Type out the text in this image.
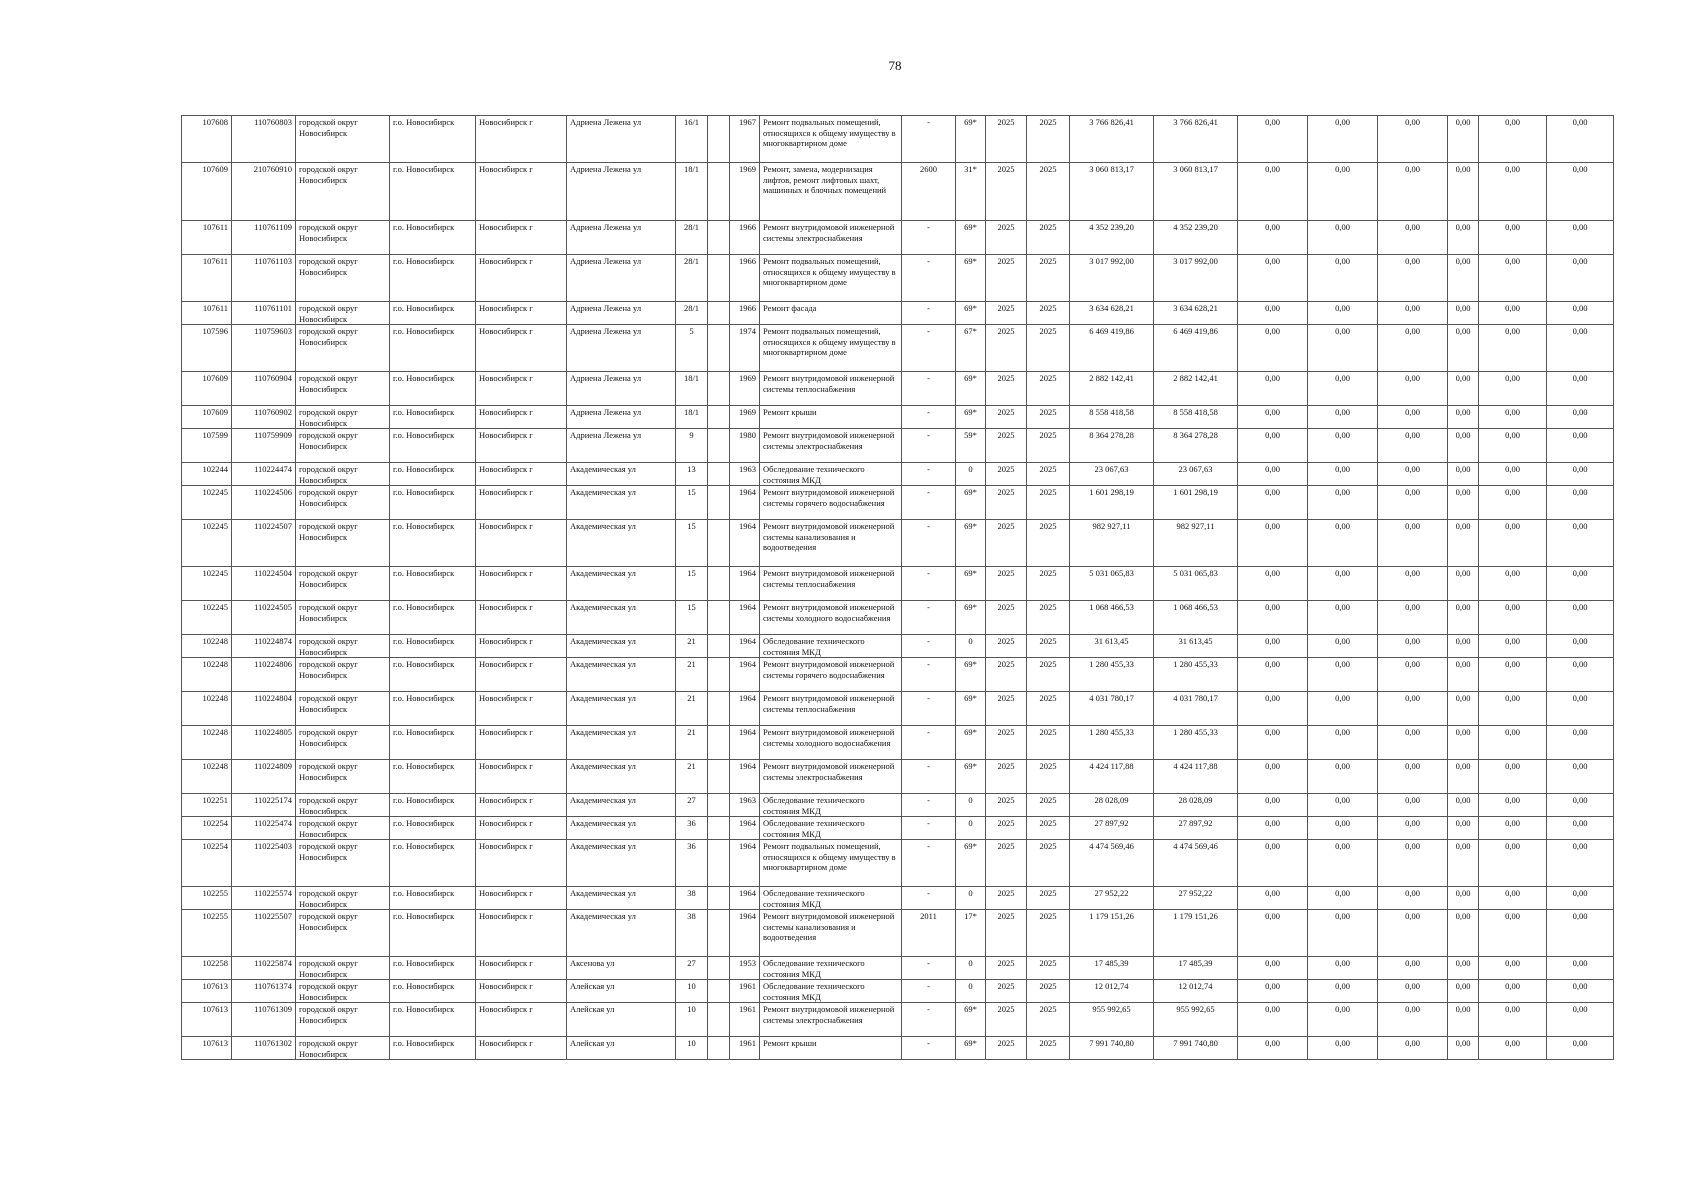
78
107608	110760803	городской округ Новосибирск	г.о. Новосибирск	Новосибирск г	Адриена Лежена ул	16/1		1967	Ремонт подвальных помещений, относящихся к общему имуществу в многоквартирном доме	-	69*	2025	2025	3 766 826,41	3 766 826,41	0,00	0,00	0,00	0,00	0,00	0,00
107609	210760910	городской округ Новосибирск	г.о. Новосибирск	Новосибирск г	Адриена Лежена ул	18/1		1969	Ремонт, замена, модернизация лифтов, ремонт лифтовых шахт, машинных и блочных помещений	2600	31*	2025	2025	3 060 813,17	3 060 813,17	0,00	0,00	0,00	0,00	0,00	0,00
107611	110761109	городской округ Новосибирск	г.о. Новосибирск	Новосибирск г	Адриена Лежена ул	28/1		1966	Ремонт внутридомовой инженерной системы электроснабжения	-	69*	2025	2025	4 352 239,20	4 352 239,20	0,00	0,00	0,00	0,00	0,00	0,00
107611	110761103	городской округ Новосибирск	г.о. Новосибирск	Новосибирск г	Адриена Лежена ул	28/1		1966	Ремонт подвальных помещений, относящихся к общему имуществу в многоквартирном доме	-	69*	2025	2025	3 017 992,00	3 017 992,00	0,00	0,00	0,00	0,00	0,00	0,00
107611	110761101	городской округ Новосибирск	г.о. Новосибирск	Новосибирск г	Адриена Лежена ул	28/1		1966	Ремонт фасада	-	69*	2025	2025	3 634 628,21	3 634 628,21	0,00	0,00	0,00	0,00	0,00	0,00
107596	110759603	городской округ Новосибирск	г.о. Новосибирск	Новосибирск г	Адриена Лежена ул	5		1974	Ремонт подвальных помещений, относящихся к общему имуществу в многоквартирном доме	-	67*	2025	2025	6 469 419,86	6 469 419,86	0,00	0,00	0,00	0,00	0,00	0,00
107609	110760904	городской округ Новосибирск	г.о. Новосибирск	Новосибирск г	Адриена Лежена ул	18/1		1969	Ремонт внутридомовой инженерной системы теплоснабжения	-	69*	2025	2025	2 882 142,41	2 882 142,41	0,00	0,00	0,00	0,00	0,00	0,00
107609	110760902	городской округ Новосибирск	г.о. Новосибирск	Новосибирск г	Адриена Лежена ул	18/1		1969	Ремонт крыши	-	69*	2025	2025	8 558 418,58	8 558 418,58	0,00	0,00	0,00	0,00	0,00	0,00
107599	110759909	городской округ Новосибирск	г.о. Новосибирск	Новосибирск г	Адриена Лежена ул	9		1980	Ремонт внутридомовой инженерной системы электроснабжения	-	59*	2025	2025	8 364 278,28	8 364 278,28	0,00	0,00	0,00	0,00	0,00	0,00
102244	110224474	городской округ Новосибирск	г.о. Новосибирск	Новосибирск г	Академическая ул	13		1963	Обследование технического состояния МКД	-	0	2025	2025	23 067,63	23 067,63	0,00	0,00	0,00	0,00	0,00	0,00
102245	110224506	городской округ Новосибирск	г.о. Новосибирск	Новосибирск г	Академическая ул	15		1964	Ремонт внутридомовой инженерной системы горячего водоснабжения	-	69*	2025	2025	1 601 298,19	1 601 298,19	0,00	0,00	0,00	0,00	0,00	0,00
102245	110224507	городской округ Новосибирск	г.о. Новосибирск	Новосибирск г	Академическая ул	15		1964	Ремонт внутридомовой инженерной системы канализования и водоотведения	-	69*	2025	2025	982 927,11	982 927,11	0,00	0,00	0,00	0,00	0,00	0,00
102245	110224504	городской округ Новосибирск	г.о. Новосибирск	Новосибирск г	Академическая ул	15		1964	Ремонт внутридомовой инженерной системы теплоснабжения	-	69*	2025	2025	5 031 065,83	5 031 065,83	0,00	0,00	0,00	0,00	0,00	0,00
102245	110224505	городской округ Новосибирск	г.о. Новосибирск	Новосибирск г	Академическая ул	15		1964	Ремонт внутридомовой инженерной системы холодного водоснабжения	-	69*	2025	2025	1 068 466,53	1 068 466,53	0,00	0,00	0,00	0,00	0,00	0,00
102248	110224874	городской округ Новосибирск	г.о. Новосибирск	Новосибирск г	Академическая ул	21		1964	Обследование технического состояния МКД	-	0	2025	2025	31 613,45	31 613,45	0,00	0,00	0,00	0,00	0,00	0,00
102248	110224806	городской округ Новосибирск	г.о. Новосибирск	Новосибирск г	Академическая ул	21		1964	Ремонт внутридомовой инженерной системы горячего водоснабжения	-	69*	2025	2025	1 280 455,33	1 280 455,33	0,00	0,00	0,00	0,00	0,00	0,00
102248	110224804	городской округ Новосибирск	г.о. Новосибирск	Новосибирск г	Академическая ул	21		1964	Ремонт внутридомовой инженерной системы теплоснабжения	-	69*	2025	2025	4 031 780,17	4 031 780,17	0,00	0,00	0,00	0,00	0,00	0,00
102248	110224805	городской округ Новосибирск	г.о. Новосибирск	Новосибирск г	Академическая ул	21		1964	Ремонт внутридомовой инженерной системы холодного водоснабжения	-	69*	2025	2025	1 280 455,33	1 280 455,33	0,00	0,00	0,00	0,00	0,00	0,00
102248	110224809	городской округ Новосибирск	г.о. Новосибирск	Новосибирск г	Академическая ул	21		1964	Ремонт внутридомовой инженерной системы электроснабжения	-	69*	2025	2025	4 424 117,88	4 424 117,88	0,00	0,00	0,00	0,00	0,00	0,00
102251	110225174	городской округ Новосибирск	г.о. Новосибирск	Новосибирск г	Академическая ул	27		1963	Обследование технического состояния МКД	-	0	2025	2025	28 028,09	28 028,09	0,00	0,00	0,00	0,00	0,00	0,00
102254	110225474	городской округ Новосибирск	г.о. Новосибирск	Новосибирск г	Академическая ул	36		1964	Обследование технического состояния МКД	-	0	2025	2025	27 897,92	27 897,92	0,00	0,00	0,00	0,00	0,00	0,00
102254	110225403	городской округ Новосибирск	г.о. Новосибирск	Новосибирск г	Академическая ул	36		1964	Ремонт подвальных помещений, относящихся к общему имуществу в многоквартирном доме	-	69*	2025	2025	4 474 569,46	4 474 569,46	0,00	0,00	0,00	0,00	0,00	0,00
102255	110225574	городской округ Новосибирск	г.о. Новосибирск	Новосибирск г	Академическая ул	38		1964	Обследование технического состояния МКД	-	0	2025	2025	27 952,22	27 952,22	0,00	0,00	0,00	0,00	0,00	0,00
102255	110225507	городской округ Новосибирск	г.о. Новосибирск	Новосибирск г	Академическая ул	38		1964	Ремонт внутридомовой инженерной системы канализования и водоотведения	2011	17*	2025	2025	1 179 151,26	1 179 151,26	0,00	0,00	0,00	0,00	0,00	0,00
102258	110225874	городской округ Новосибирск	г.о. Новосибирск	Новосибирск г	Аксенова ул	27		1953	Обследование технического состояния МКД	-	0	2025	2025	17 485,39	17 485,39	0,00	0,00	0,00	0,00	0,00	0,00
107613	110761374	городской округ Новосибирск	г.о. Новосибирск	Новосибирск г	Алейская ул	10		1961	Обследование технического состояния МКД	-	0	2025	2025	12 012,74	12 012,74	0,00	0,00	0,00	0,00	0,00	0,00
107613	110761309	городской округ Новосибирск	г.о. Новосибирск	Новосибирск г	Алейская ул	10		1961	Ремонт внутридомовой инженерной системы электроснабжения	-	69*	2025	2025	955 992,65	955 992,65	0,00	0,00	0,00	0,00	0,00	0,00
107613	110761302	городской округ Новосибирск	г.о. Новосибирск	Новосибирск г	Алейская ул	10		1961	Ремонт крыши	-	69*	2025	2025	7 991 740,80	7 991 740,80	0,00	0,00	0,00	0,00	0,00	0,00
